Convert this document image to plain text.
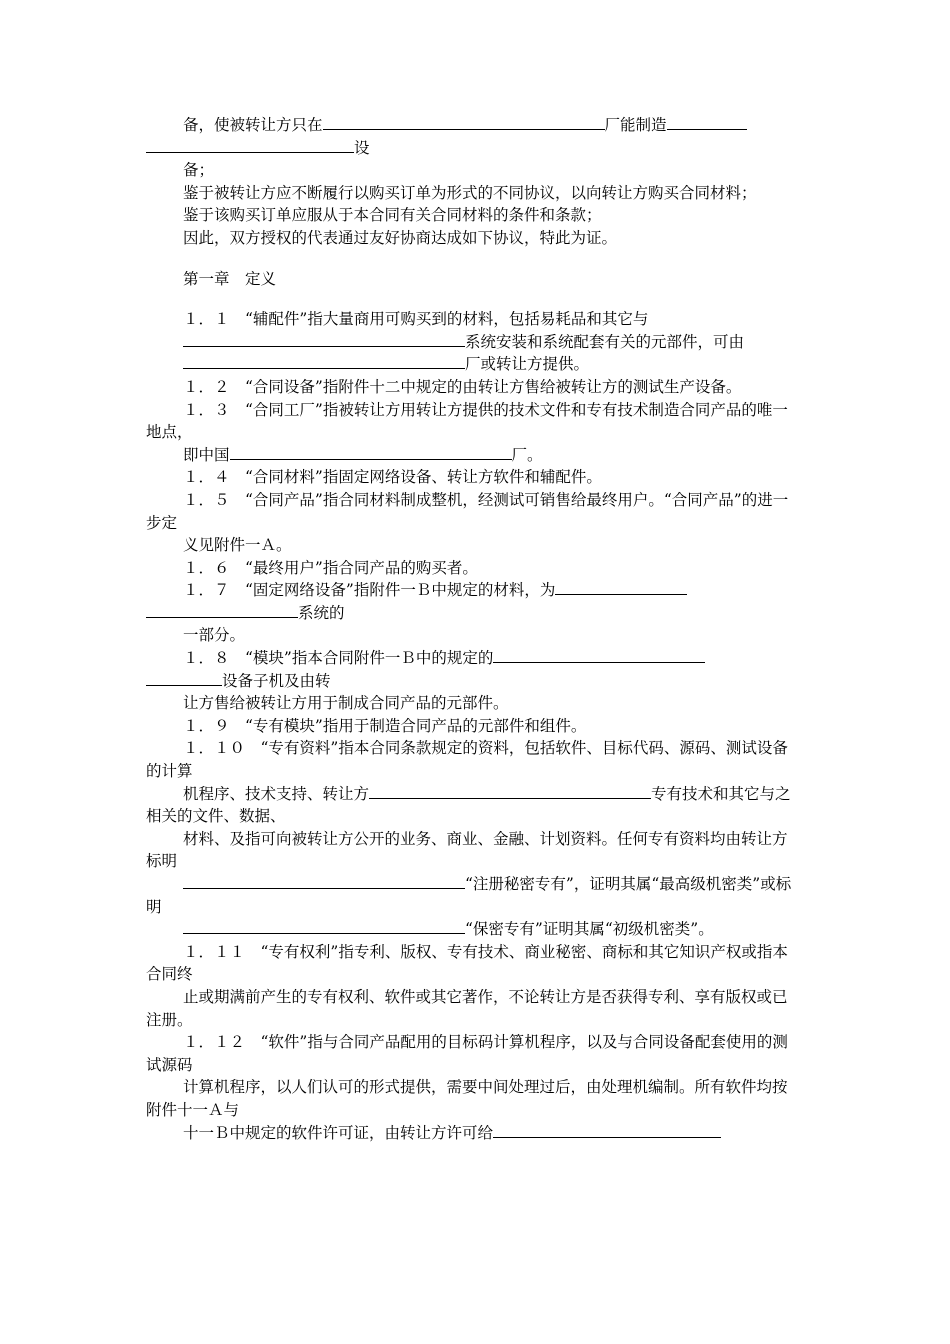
备，使被转让方只在	厂能制造
设

备；

鉴于被转让方应不断履行以购买订单为形式的不同协议，以向转让方购买合同材料；

鉴于该购买订单应服从于本合同有关合同材料的条件和条款；

因此，双方授权的代表通过友好协商达成如下协议，特此为证。

第一章　定义

１．１　“辅配件”指大量商用可购买到的材料，包括易耗品和其它与
系统安装和系统配套有关的元部件，可由

厂或转让方提供。

１．２　“合同设备”指附件十二中规定的由转让方售给被转让方的测试生产设备。

１．３　“合同工厂”指被转让方用转让方提供的技术文件和专有技术制造合同产品的唯一地点，

即中国	厂。

１．４　“合同材料”指固定网络设备、转让方软件和辅配件。

１．５　“合同产品”指合同材料制成整机，经测试可销售给最终用户。“合同产品”的进一步定

义见附件一Ａ。

１．６　“最终用户”指合同产品的购买者。

１．７　“固定网络设备”指附件一Ｂ中规定的材料，为
系统的

一部分。

１．８　“模块”指本合同附件一Ｂ中的规定的
设备子机及由转

让方售给被转让方用于制成合同产品的元部件。

１．９　“专有模块”指用于制造合同产品的元部件和组件。

１．１０　“专有资料”指本合同条款规定的资料，包括软件、目标代码、源码、测试设备的计算

机程序、技术支持、转让方	专有技术和其它与之相关的文件、数据、

材料、及指可向被转让方公开的业务、商业、金融、计划资料。任何专有资料均由转让方标明

“注册秘密专有”，证明其属“最高级机密类”或标明

“保密专有”证明其属“初级机密类”。

１．１１　“专有权利”指专利、版权、专有技术、商业秘密、商标和其它知识产权或指本合同终

止或期满前产生的专有权利、软件或其它著作，不论转让方是否获得专利、享有版权或已注册。

１．１２　“软件”指与合同产品配用的目标码计算机程序，以及与合同设备配套使用的测试源码

计算机程序，以人们认可的形式提供，需要中间处理过后，由处理机编制。所有软件均按附件十一Ａ与

十一Ｂ中规定的软件许可证，由转让方许可给
